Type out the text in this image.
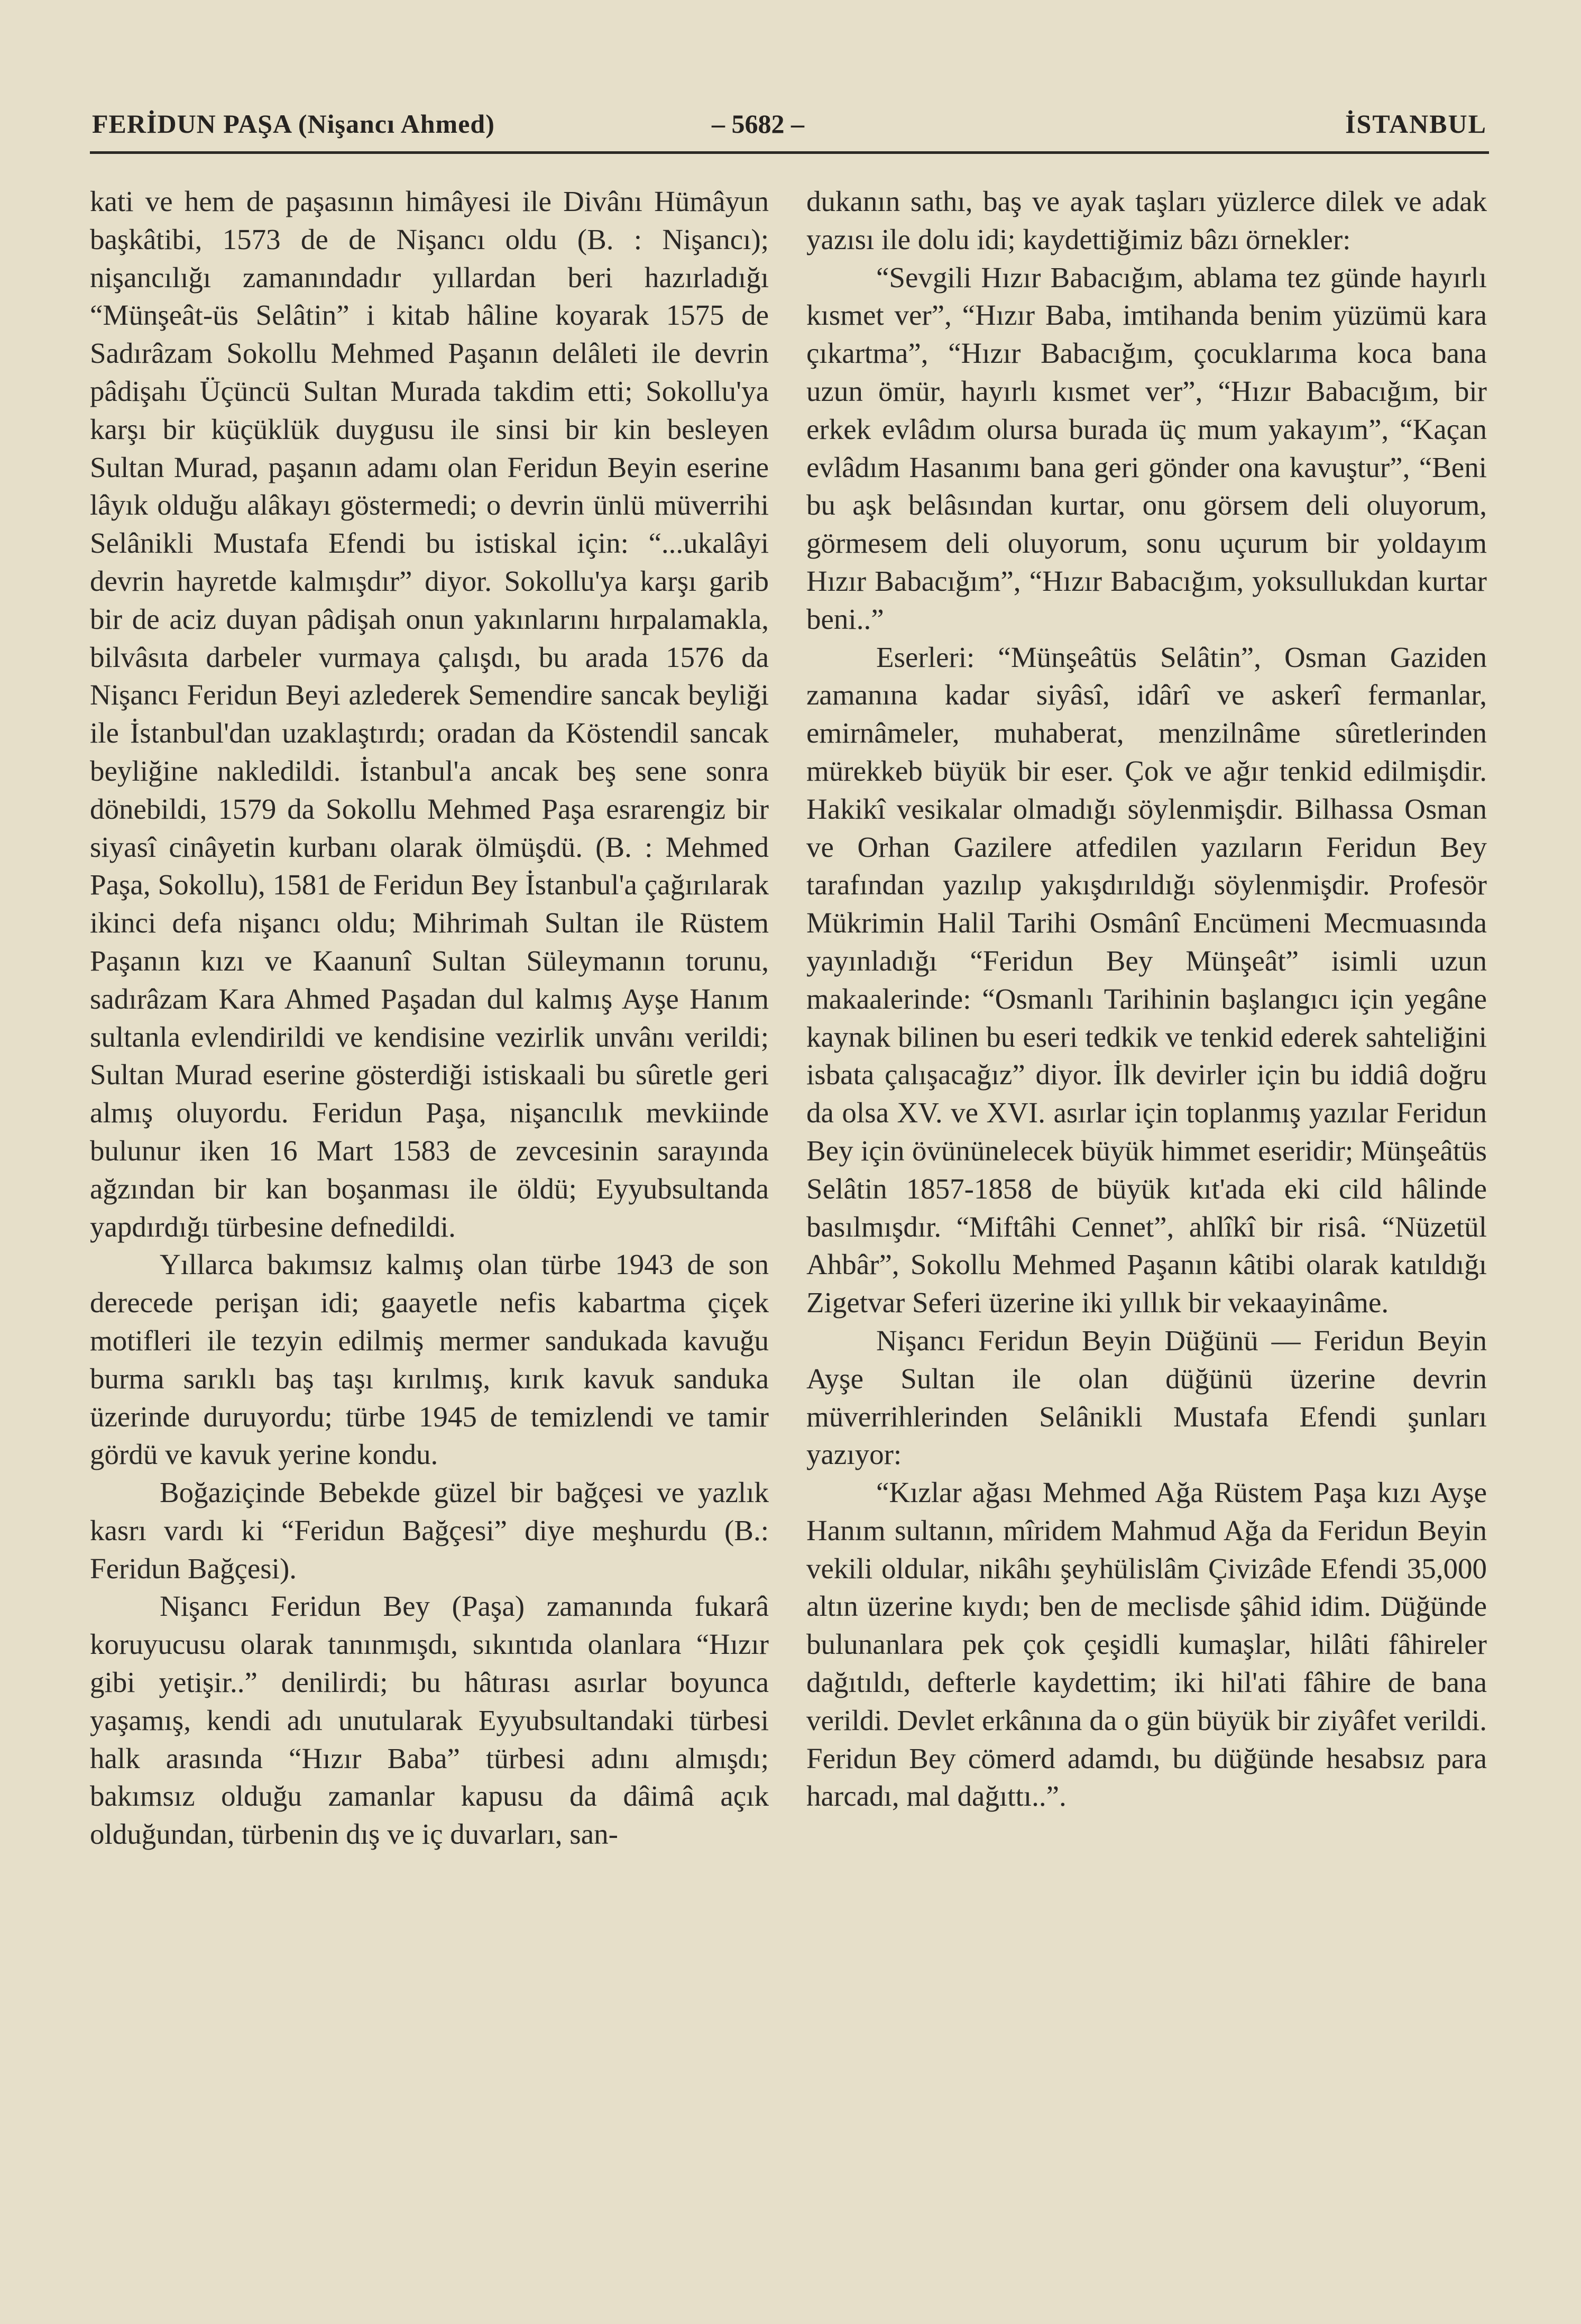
FERİDUN PAŞA (Nişancı Ahmed)	– 5682 –	İSTANBUL

kati ve hem de paşasının himâyesi ile Divânı Hümâyun başkâtibi, 1573 de de Nişancı oldu (B. : Nişancı); nişancılığı zamanındadır yıllardan beri hazırladığı “Münşeât-üs Selâtin” i kitab hâline koyarak 1575 de Sadırâzam Sokollu Mehmed Paşanın delâleti ile devrin pâdişahı Üçüncü Sultan Murada takdim etti; Sokollu'ya karşı bir küçüklük duygusu ile sinsi bir kin besleyen Sultan Murad, paşanın adamı olan Feridun Beyin eserine lâyık olduğu alâkayı göstermedi; o devrin ünlü müverrihi Selânikli Mustafa Efendi bu istiskal için: “...ukalâyi devrin hayretde kalmışdır” diyor. Sokollu'ya karşı garib bir de aciz duyan pâdişah onun yakınlarını hırpalamakla, bilvâsıta darbeler vurmaya çalışdı, bu arada 1576 da Nişancı Feridun Beyi azlederek Semendire sancak beyliği ile İstanbul'dan uzaklaştırdı; oradan da Köstendil sancak beyliğine nakledildi. İstanbul'a ancak beş sene sonra dönebildi, 1579 da Sokollu Mehmed Paşa esrarengiz bir siyasî cinâyetin kurbanı olarak ölmüşdü. (B. : Mehmed Paşa, Sokollu), 1581 de Feridun Bey İstanbul'a çağırılarak ikinci defa nişancı oldu; Mihrimah Sultan ile Rüstem Paşanın kızı ve Kaanunî Sultan Süleymanın torunu, sadırâzam Kara Ahmed Paşadan dul kalmış Ayşe Hanım sultanla evlendirildi ve kendisine vezirlik unvânı verildi; Sultan Murad eserine gösterdiği istiskaali bu sûretle geri almış oluyordu. Feridun Paşa, nişancılık mevkiinde bulunur iken 16 Mart 1583 de zevcesinin sarayında ağzından bir kan boşanması ile öldü; Eyyubsultanda yapdırdığı türbesine defnedildi.

Yıllarca bakımsız kalmış olan türbe 1943 de son derecede perişan idi; gaayetle nefis kabartma çiçek motifleri ile tezyin edilmiş mermer sandukada kavuğu burma sarıklı baş taşı kırılmış, kırık kavuk sanduka üzerinde duruyordu; türbe 1945 de temizlendi ve tamir gördü ve kavuk yerine kondu.

Boğaziçinde Bebekde güzel bir bağçesi ve yazlık kasrı vardı ki “Feridun Bağçesi” diye meşhurdu (B.: Feridun Bağçesi).

Nişancı Feridun Bey (Paşa) zamanında fukarâ koruyucusu olarak tanınmışdı, sıkıntıda olanlara “Hızır gibi yetişir..” denilirdi; bu hâtırası asırlar boyunca yaşamış, kendi adı unutularak Eyyubsultandaki türbesi halk arasında “Hızır Baba” türbesi adını almışdı; bakımsız olduğu zamanlar kapusu da dâimâ açık olduğundan, türbenin dış ve iç duvarları, san-

dukanın sathı, baş ve ayak taşları yüzlerce dilek ve adak yazısı ile dolu idi; kaydettiğimiz bâzı örnekler:

“Sevgili Hızır Babacığım, ablama tez günde hayırlı kısmet ver”, “Hızır Baba, imtihanda benim yüzümü kara çıkartma”, “Hızır Babacığım, çocuklarıma koca bana uzun ömür, hayırlı kısmet ver”, “Hızır Babacığım, bir erkek evlâdım olursa burada üç mum yakayım”, “Kaçan evlâdım Hasanımı bana geri gönder ona kavuştur”, “Beni bu aşk belâsından kurtar, onu görsem deli oluyorum, görmesem deli oluyorum, sonu uçurum bir yoldayım Hızır Babacığım”, “Hızır Babacığım, yoksullukdan kurtar beni..”

Eserleri: “Münşeâtüs Selâtin”, Osman Gaziden zamanına kadar siyâsî, idârî ve askerî fermanlar, emirnâmeler, muhaberat, menzilnâme sûretlerinden mürekkeb büyük bir eser. Çok ve ağır tenkid edilmişdir. Hakikî vesikalar olmadığı söylenmişdir. Bilhassa Osman ve Orhan Gazilere atfedilen yazıların Feridun Bey tarafından yazılıp yakışdırıldığı söylenmişdir. Profesör Mükrimin Halil Tarihi Osmânî Encümeni Mecmuasında yayınladığı “Feridun Bey Münşeât” isimli uzun makaalerinde: “Osmanlı Tarihinin başlangıcı için yegâne kaynak bilinen bu eseri tedkik ve tenkid ederek sahteliğini isbata çalışacağız” diyor. İlk devirler için bu iddiâ doğru da olsa XV. ve XVI. asırlar için toplanmış yazılar Feridun Bey için övününelecek büyük himmet eseridir; Münşeâtüs Selâtin 1857-1858 de büyük kıt'ada eki cild hâlinde basılmışdır. “Miftâhi Cennet”, ahlîkî bir risâ. “Nüzetül Ahbâr”, Sokollu Mehmed Paşanın kâtibi olarak katıldığı Zigetvar Seferi üzerine iki yıllık bir vekaayinâme.

Nişancı Feridun Beyin Düğünü — Feridun Beyin Ayşe Sultan ile olan düğünü üzerine devrin müverrihlerinden Selânikli Mustafa Efendi şunları yazıyor:

“Kızlar ağası Mehmed Ağa Rüstem Paşa kızı Ayşe Hanım sultanın, mîridem Mahmud Ağa da Feridun Beyin vekili oldular, nikâhı şeyhülislâm Çivizâde Efendi 35,000 altın üzerine kıydı; ben de meclisde şâhid idim. Düğünde bulunanlara pek çok çeşidli kumaşlar, hilâti fâhireler dağıtıldı, defterle kaydettim; iki hil'ati fâhire de bana verildi. Devlet erkânına da o gün büyük bir ziyâfet verildi. Feridun Bey cömerd adamdı, bu düğünde hesabsız para harcadı, mal dağıttı..”.
